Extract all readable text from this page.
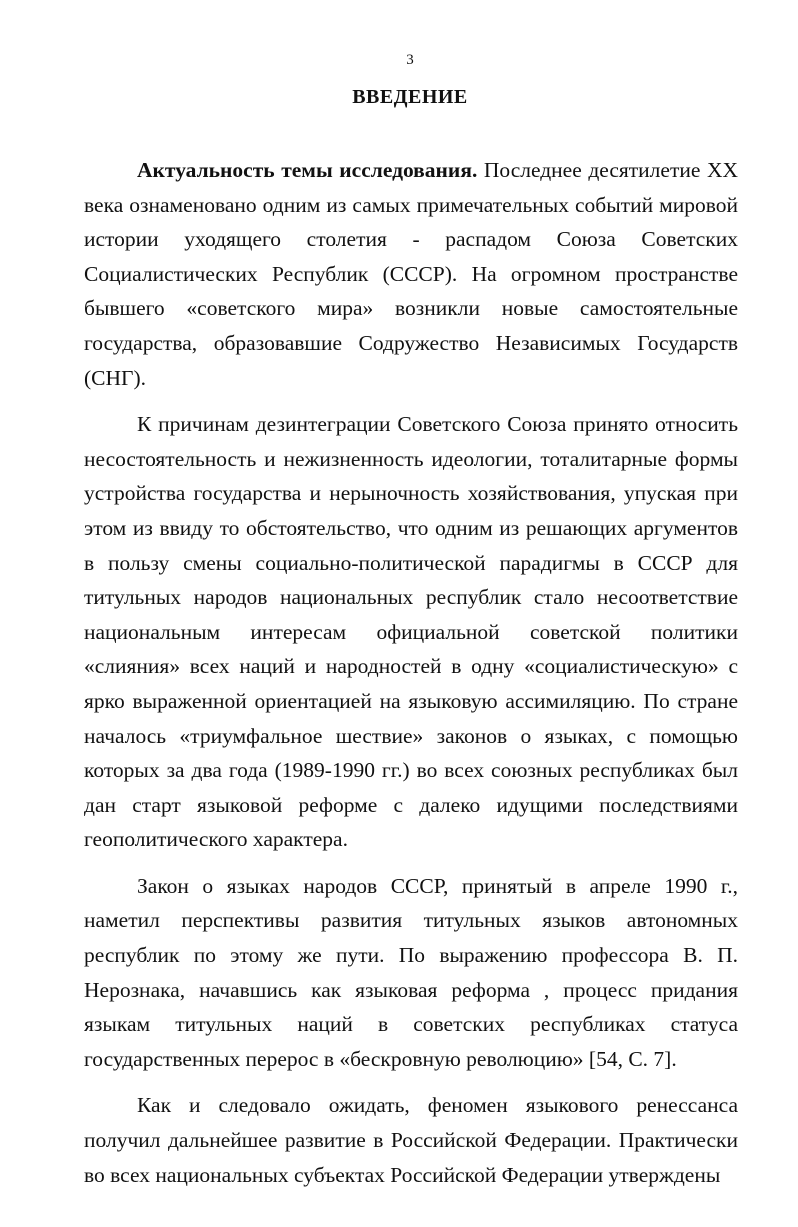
3
ВВЕДЕНИЕ

Актуальность темы исследования. Последнее десятилетие XX века ознаменовано одним из самых примечательных событий мировой истории уходящего столетия - распадом Союза Советских Социалистических Республик (СССР). На огромном пространстве бывшего «советского мира» возникли новые самостоятельные государства, образовавшие Содружество Независимых Государств (СНГ).

К причинам дезинтеграции Советского Союза принято относить несостоятельность и нежизненность идеологии, тоталитарные формы устройства государства и нерыночность хозяйствования, упуская при этом из ввиду то обстоятельство, что одним из решающих аргументов в пользу смены социально-политической парадигмы в СССР для титульных народов национальных республик стало несоответствие национальным интересам официальной советской политики «слияния» всех наций и народностей в одну «социалистическую» с ярко выраженной ориентацией на языковую ассимиляцию. По стране началось «триумфальное шествие» законов о языках, с помощью которых за два года (1989-1990 гг.) во всех союзных республиках был дан старт языковой реформе с далеко идущими последствиями геополитического характера.

Закон о языках народов СССР, принятый в апреле 1990 г., наметил перспективы развития титульных языков автономных республик по этому же пути. По выражению профессора В. П. Нерознака, начавшись как языковая реформа , процесс придания языкам титульных наций в советских республиках статуса государственных перерос в «бескровную революцию» [54, С. 7].

Как и следовало ожидать, феномен языкового ренессанса получил дальнейшее развитие в Российской Федерации. Практически во всех национальных субъектах Российской Федерации утверждены
